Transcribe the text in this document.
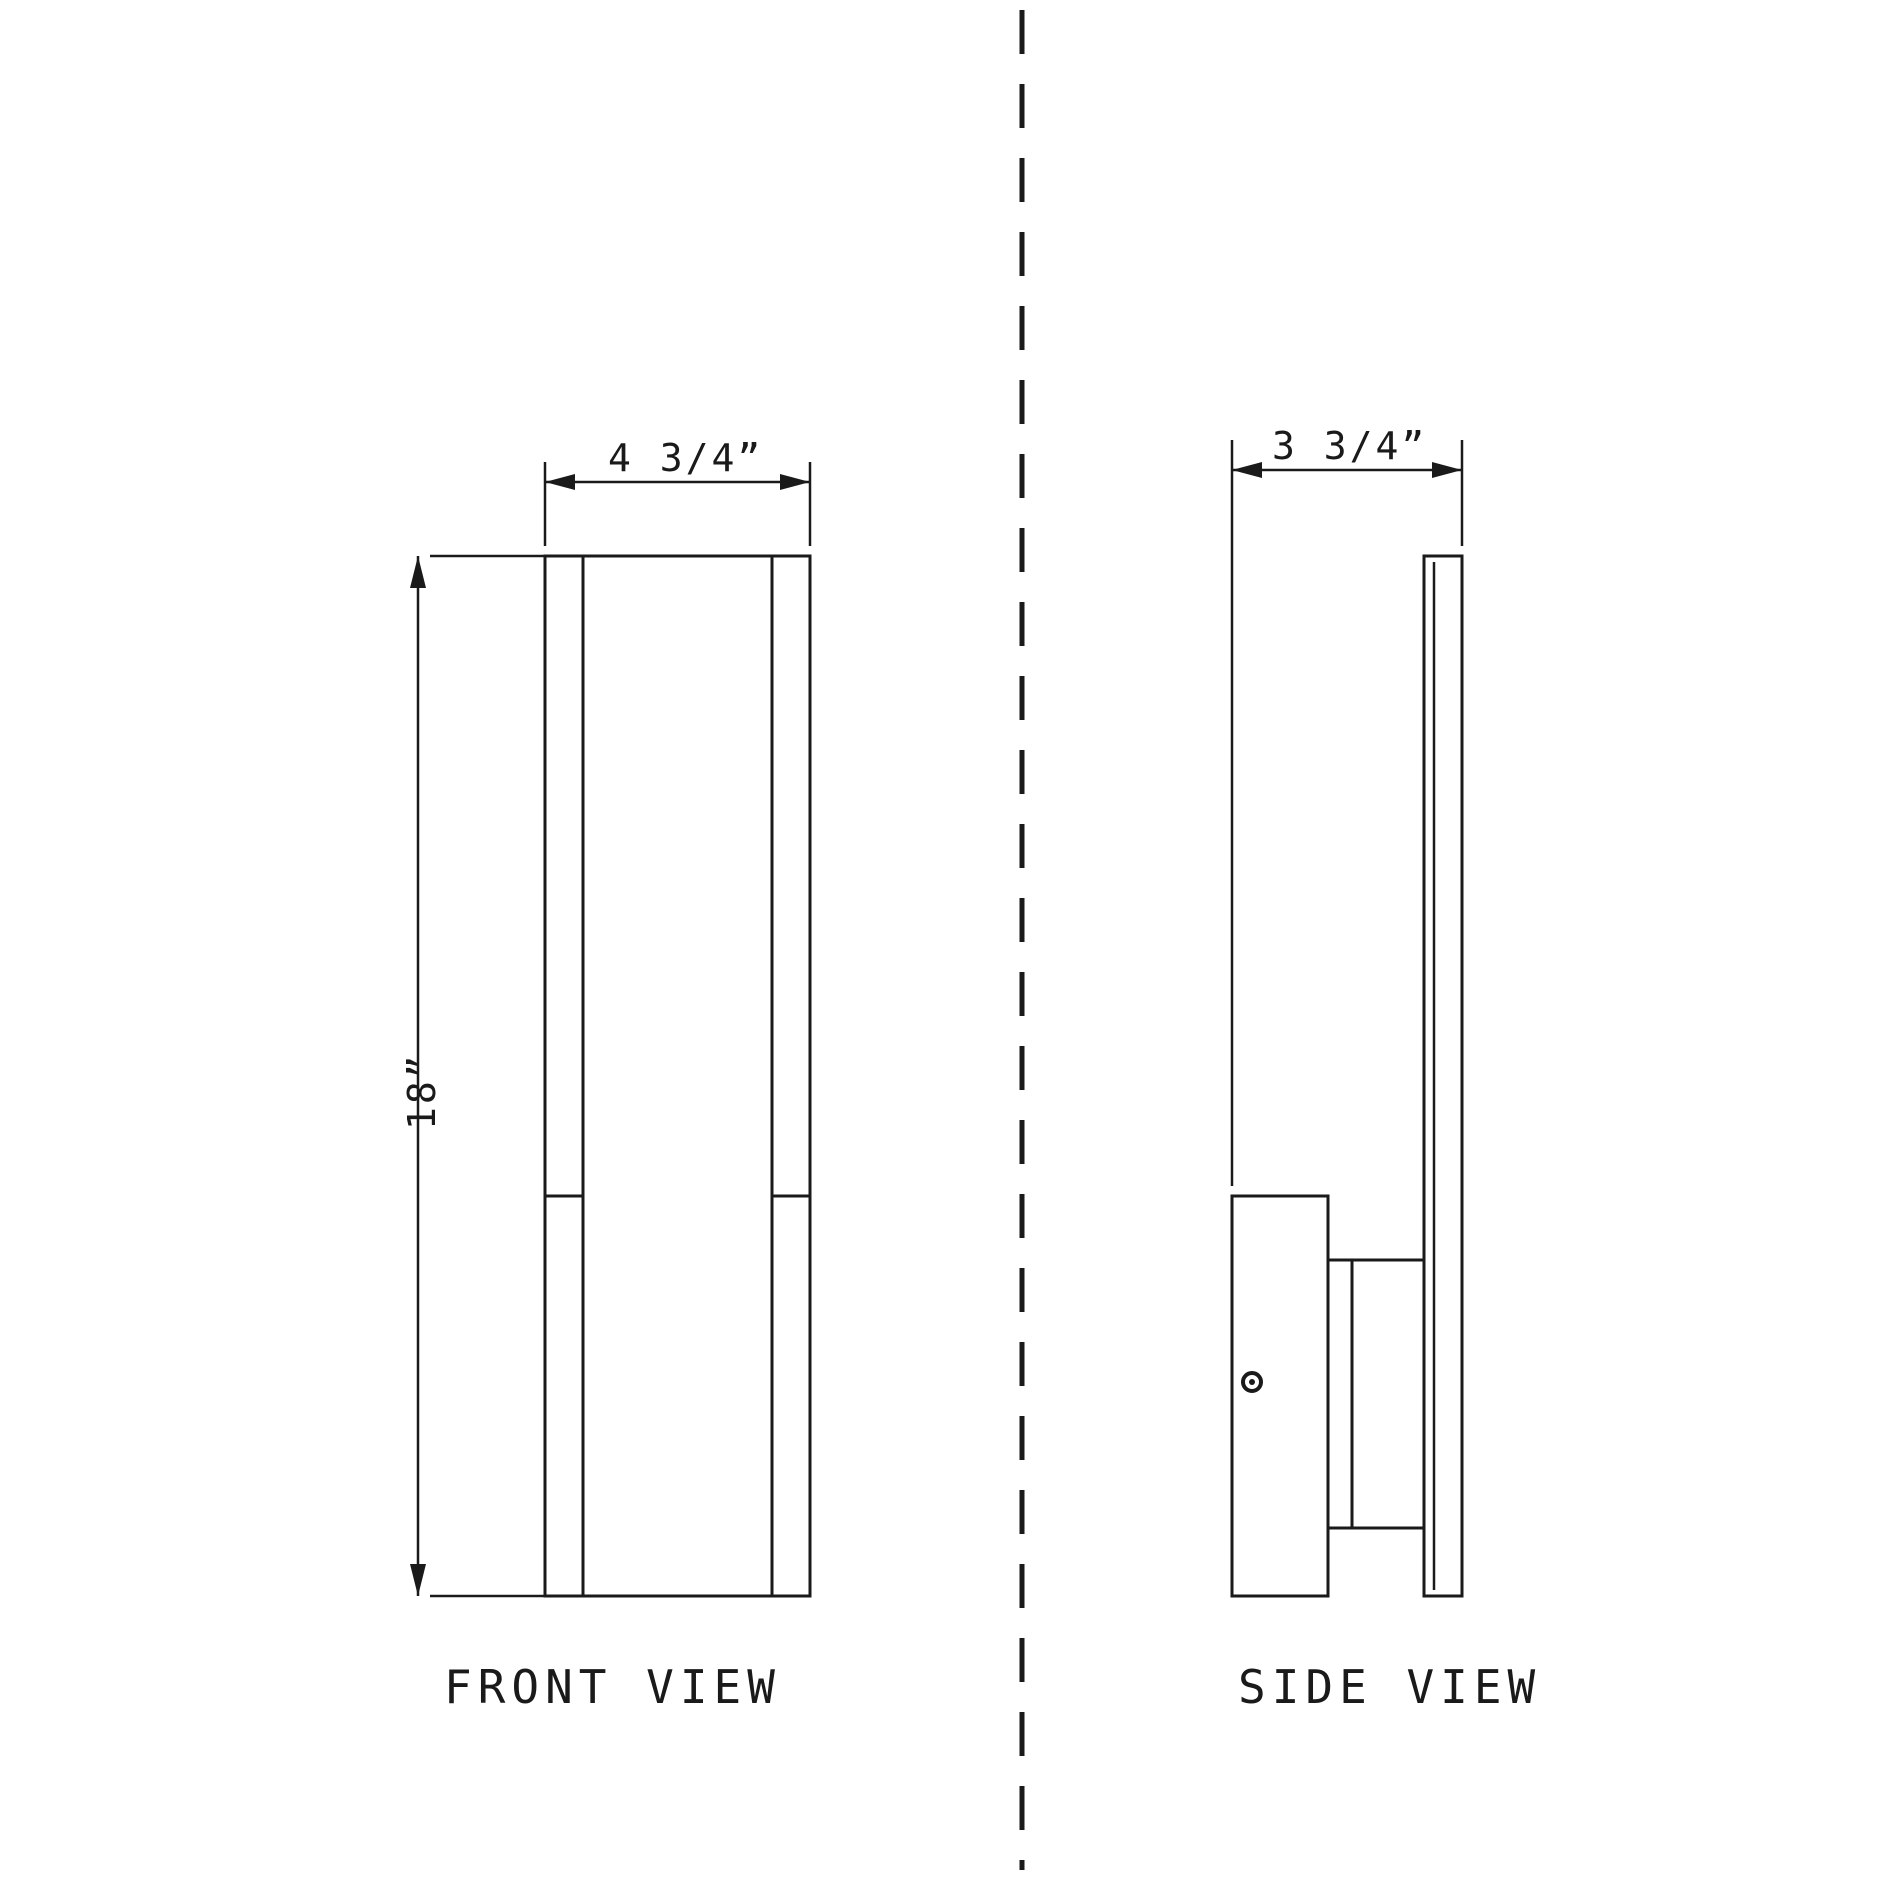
4 3/4”
18”
3 3/4”
FRONT VIEW	SIDE VIEW
